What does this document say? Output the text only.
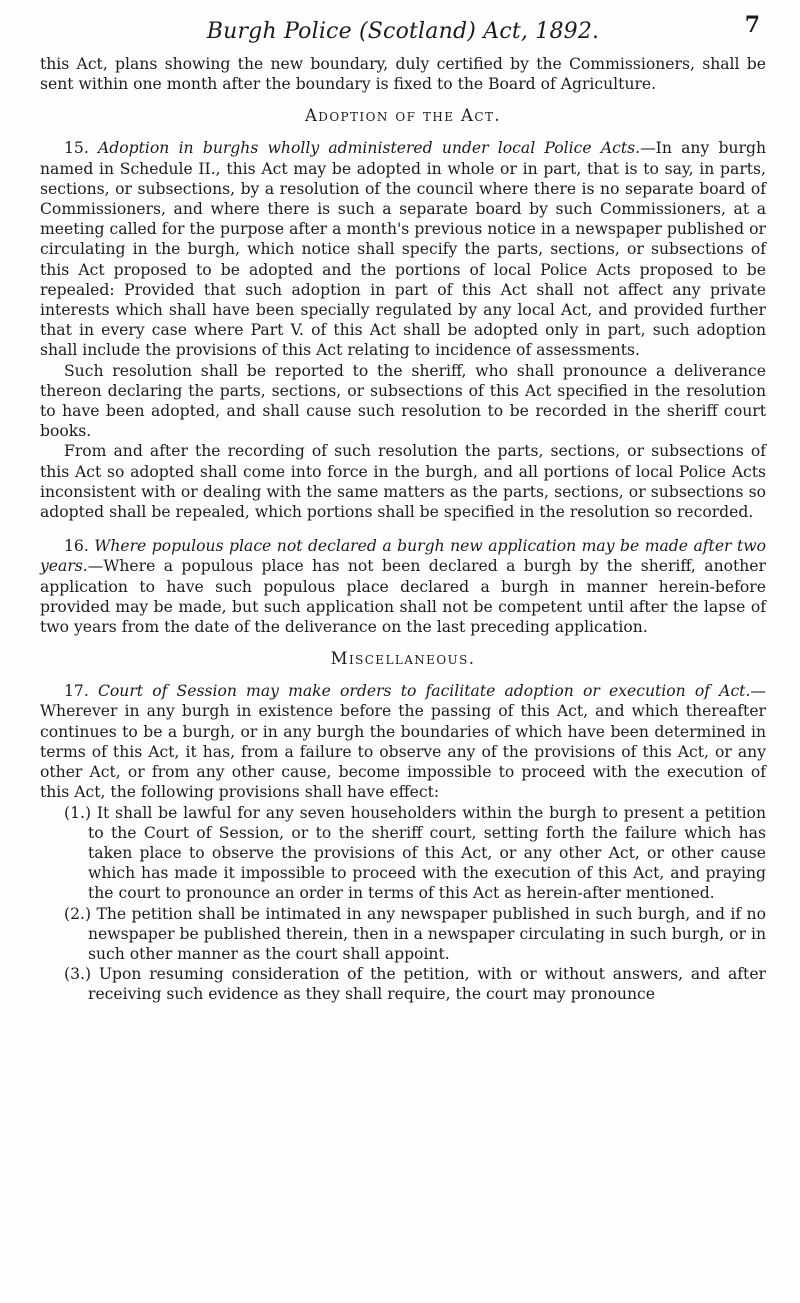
Burgh Police (Scotland) Act, 1892.	7

this Act, plans showing the new boundary, duly certified by the Commissioners, shall be sent within one month after the boundary is fixed to the Board of Agriculture.

Adoption of the Act.

15. Adoption in burghs wholly administered under local Police Acts.—In any burgh named in Schedule II., this Act may be adopted in whole or in part, that is to say, in parts, sections, or subsections, by a resolution of the council where there is no separate board of Commissioners, and where there is such a separate board by such Commissioners, at a meeting called for the purpose after a month's previous notice in a newspaper published or circulating in the burgh, which notice shall specify the parts, sections, or subsections of this Act proposed to be adopted and the portions of local Police Acts proposed to be repealed: Provided that such adoption in part of this Act shall not affect any private interests which shall have been specially regulated by any local Act, and provided further that in every case where Part V. of this Act shall be adopted only in part, such adoption shall include the provisions of this Act relating to incidence of assessments.

Such resolution shall be reported to the sheriff, who shall pronounce a deliverance thereon declaring the parts, sections, or subsections of this Act specified in the resolution to have been adopted, and shall cause such resolution to be recorded in the sheriff court books.

From and after the recording of such resolution the parts, sections, or subsections of this Act so adopted shall come into force in the burgh, and all portions of local Police Acts inconsistent with or dealing with the same matters as the parts, sections, or subsections so adopted shall be repealed, which portions shall be specified in the resolution so recorded.

16. Where populous place not declared a burgh new application may be made after two years.—Where a populous place has not been declared a burgh by the sheriff, another application to have such populous place declared a burgh in manner herein-before provided may be made, but such application shall not be competent until after the lapse of two years from the date of the deliverance on the last preceding application.

Miscellaneous.

17. Court of Session may make orders to facilitate adoption or execution of Act.—Wherever in any burgh in existence before the passing of this Act, and which thereafter continues to be a burgh, or in any burgh the boundaries of which have been determined in terms of this Act, it has, from a failure to observe any of the provisions of this Act, or any other Act, or from any other cause, become impossible to proceed with the execution of this Act, the following provisions shall have effect:

(1.) It shall be lawful for any seven householders within the burgh to present a petition to the Court of Session, or to the sheriff court, setting forth the failure which has taken place to observe the provisions of this Act, or any other Act, or other cause which has made it impossible to proceed with the execution of this Act, and praying the court to pronounce an order in terms of this Act as herein-after mentioned.

(2.) The petition shall be intimated in any newspaper published in such burgh, and if no newspaper be published therein, then in a newspaper circulating in such burgh, or in such other manner as the court shall appoint.

(3.) Upon resuming consideration of the petition, with or without answers, and after receiving such evidence as they shall require, the court may pronounce
